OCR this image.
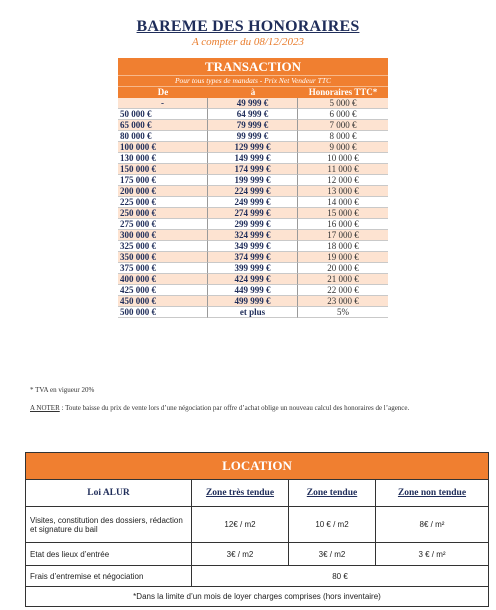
BAREME DES HONORAIRES
A compter du 08/12/2023
TRANSACTION
Pour tous types de mandats - Prix Net Vendeur TTC
De	à	Honoraires TTC*
-	49 999 €	5 000 €
50 000 €	64 999 €	6 000 €
65 000 €	79 999 €	7 000 €
80 000 €	99 999 €	8 000 €
100 000 €	129 999 €	9 000 €
130 000 €	149 999 €	10 000 €
150 000 €	174 999 €	11 000 €
175 000 €	199 999 €	12 000 €
200 000 €	224 999 €	13 000 €
225 000 €	249 999 €	14 000 €
250 000 €	274 999 €	15 000 €
275 000 €	299 999 €	16 000 €
300 000 €	324 999 €	17 000 €
325 000 €	349 999 €	18 000 €
350 000 €	374 999 €	19 000 €
375 000 €	399 999 €	20 000 €
400 000 €	424 999 €	21 000 €
425 000 €	449 999 €	22 000 €
450 000 €	499 999 €	23 000 €
500 000 €	et plus	5%
* TVA en vigueur 20%
A NOTER : Toute baisse du prix de vente lors d’une négociation par offre d’achat oblige un nouveau calcul des honoraires de l’agence.
LOCATION
Loi ALUR	Zone très tendue	Zone tendue	Zone non tendue
Visites, constitution des dossiers, rédaction et signature du bail	12€ / m2	10 € / m2	8€ / m²
Etat des lieux d’entrée	3€ / m2	3€ / m2	3 € / m²
Frais d’entremise et négociation	80 €
*Dans la limite d’un mois de loyer charges comprises (hors inventaire)
